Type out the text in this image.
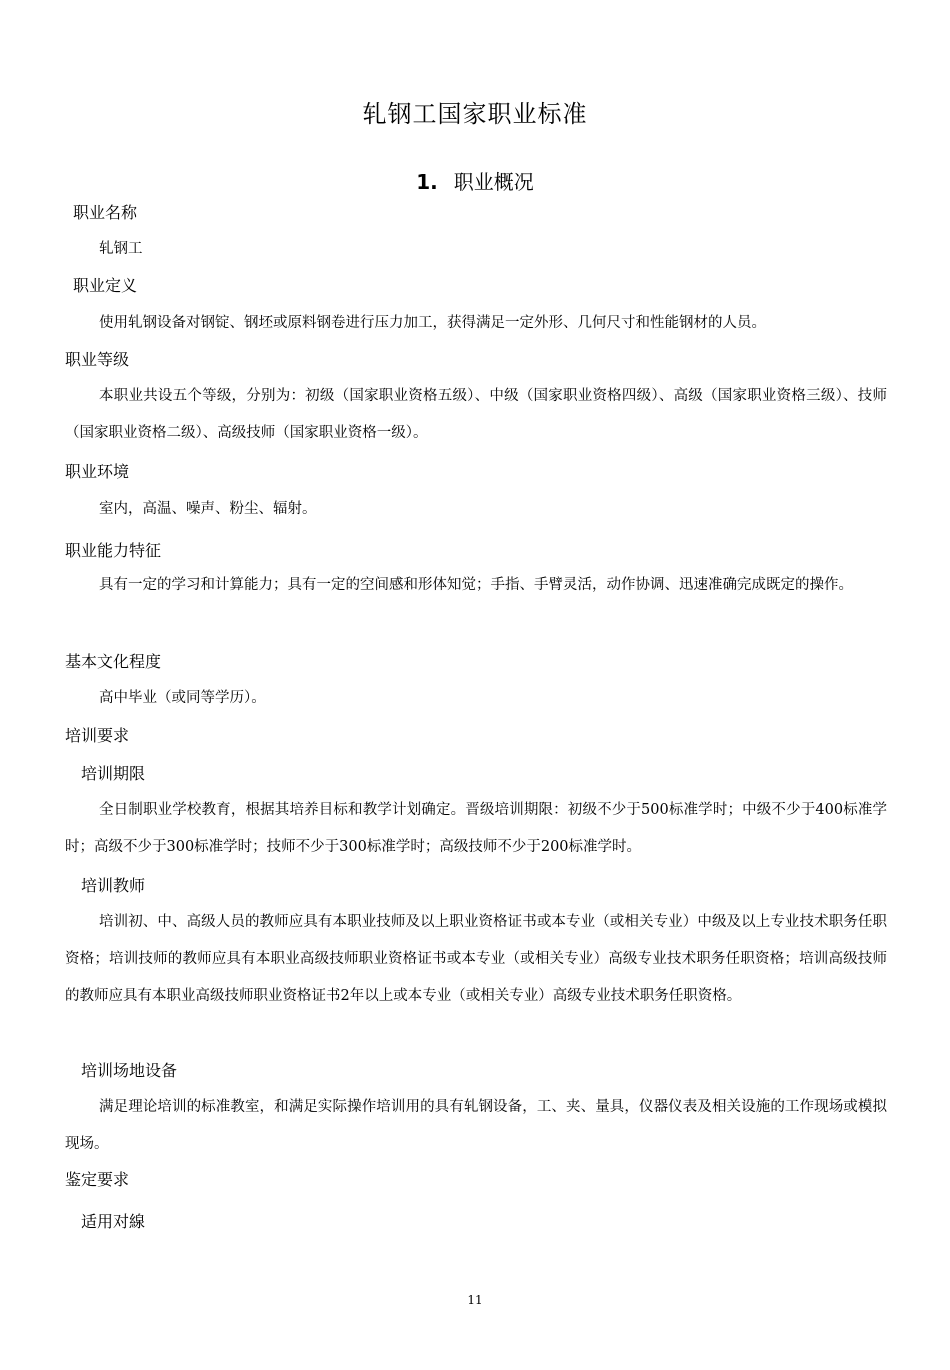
轧钢工国家职业标准
1. 职业概况
职业名称
轧钢工
职业定义
使用轧钢设备对钢锭、钢坯或原料钢卷进行压力加工，获得满足一定外形、几何尺寸和性能钢材的人员。
职业等级
本职业共设五个等级，分别为：初级（国家职业资格五级）、中级（国家职业资格四级）、高级（国家职业资格三级）、技师（国家职业资格二级）、高级技师（国家职业资格一级）。
职业环境
室内，高温、噪声、粉尘、辐射。
职业能力特征
具有一定的学习和计算能力；具有一定的空间感和形体知觉；手指、手臂灵活，动作协调、迅速准确完成既定的操作。
基本文化程度
高中毕业（或同等学历）。
培训要求
培训期限
全日制职业学校教育，根据其培养目标和教学计划确定。晋级培训期限：初级不少于500标准学时；中级不少于400标准学时；高级不少于300标准学时；技师不少于300标准学时；高级技师不少于200标准学时。
培训教师
培训初、中、高级人员的教师应具有本职业技师及以上职业资格证书或本专业（或相关专业）中级及以上专业技术职务任职资格；培训技师的教师应具有本职业高级技师职业资格证书或本专业（或相关专业）高级专业技术职务任职资格；培训高级技师的教师应具有本职业高级技师职业资格证书2年以上或本专业（或相关专业）高级专业技术职务任职资格。
培训场地设备
满足理论培训的标准教室，和满足实际操作培训用的具有轧钢设备，工、夹、量具，仪器仪表及相关设施的工作现场或模拟现场。
鉴定要求
适用对線
11
